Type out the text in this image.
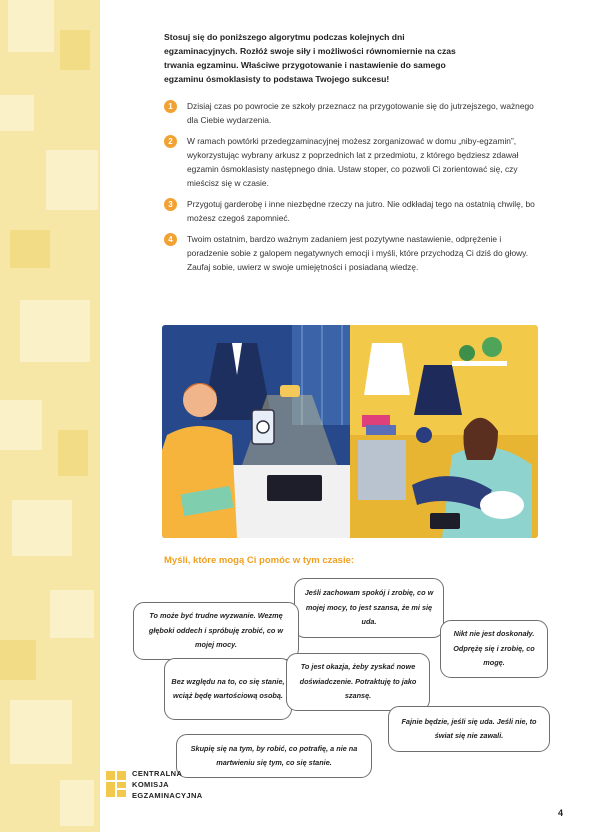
Stosuj się do poniższego algorytmu podczas kolejnych dni egzaminacyjnych. Rozłóż swoje siły i możliwości równomiernie na czas trwania egzaminu. Właściwe przygotowanie i nastawienie do samego egzaminu ósmoklasisty to podstawa Twojego sukcesu!
1	Dzisiaj czas po powrocie ze szkoły przeznacz na przygotowanie się do jutrzejszego, ważnego dla Ciebie wydarzenia.
2	W ramach powtórki przedegzaminacyjnej możesz zorganizować w domu „niby-egzamin”, wykorzystując wybrany arkusz z poprzednich lat z przedmiotu, z którego będziesz zdawał egzamin ósmoklasisty następnego dnia. Ustaw stoper, co pozwoli Ci zorientować się, czy mieścisz się w czasie.
3	Przygotuj garderobę i inne niezbędne rzeczy na jutro. Nie odkładaj tego na ostatnią chwilę, bo możesz czegoś zapomnieć.
4	Twoim ostatnim, bardzo ważnym zadaniem jest pozytywne nastawienie, odprężenie i poradzenie sobie z galopem negatywnych emocji i myśli, które przychodzą Ci dziś do głowy. Zaufaj sobie, uwierz w swoje umiejętności i posiadaną wiedzę.
Myśli, które mogą Ci pomóc w tym czasie:
Jeśli zachowam spokój i zrobię, co w mojej mocy, to jest szansa, że mi się uda.
To może być trudne wyzwanie. Wezmę głęboki oddech i spróbuję zrobić, co w mojej mocy.
Nikt nie jest doskonały. Odprężę się i zrobię, co mogę.
Bez względu na to, co się stanie, wciąż będę wartościową osobą.
To jest okazja, żeby zyskać nowe doświadczenie. Potraktuję to jako szansę.
Fajnie będzie, jeśli się uda. Jeśli nie, to świat się nie zawali.
Skupię się na tym, by robić, co potrafię, a nie na martwieniu się tym, co się stanie.
CENTRALNA
KOMISJA
EGZAMINACYJNA
4
